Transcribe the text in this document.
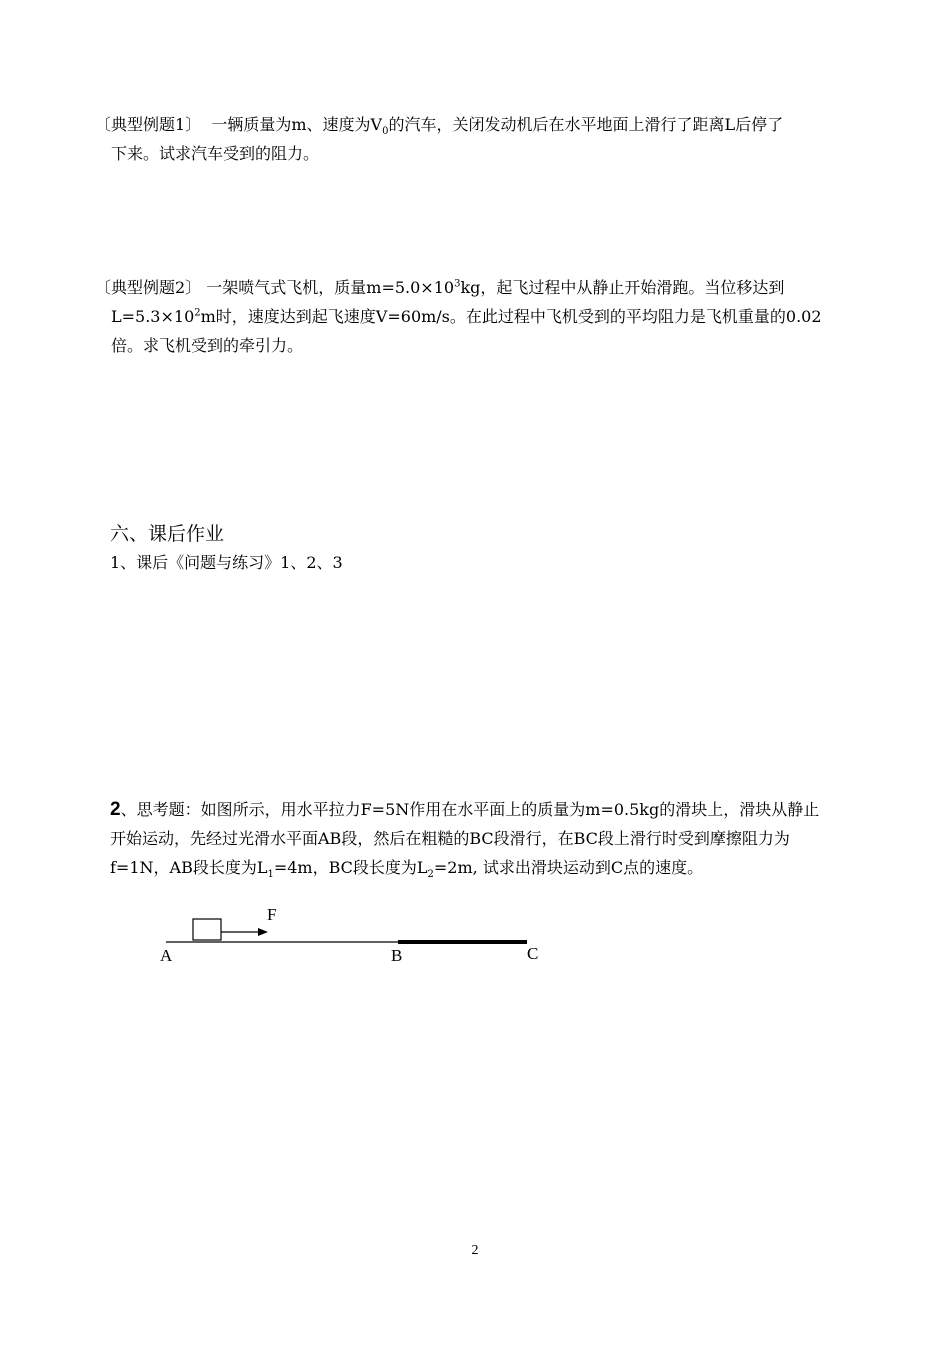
〔典型例题1〕 一辆质量为m、速度为$V_0$的汽车，关闭发动机后在水平地面上滑行了距离L后停了
下来。试求汽车受到的阻力。
〔典型例题2〕 一架喷气式飞机，质量$m=5.0\times 10^3kg$，起飞过程中从静止开始滑跑。当位移达到
$L=5.3\times 10^2m$时，速度达到起飞速度V=60m/s。在此过程中飞机受到的平均阻力是飞机重量的0.02
倍。求飞机受到的牵引力。
六、课后作业
1、课后《问题与练习》1、2、3
2、思考题：如图所示，用水平拉力F=5N作用在水平面上的质量为m=0.5kg的滑块上，滑块从静止
开始运动，先经过光滑水平面AB段，然后在粗糙的BC段滑行，在BC段上滑行时受到摩擦阻力为
f=1N，AB段长度为$L_1=4m$，BC段长度为$L_2=2m$, 试求出滑块运动到C点的速度。
F
A	B	C
2
